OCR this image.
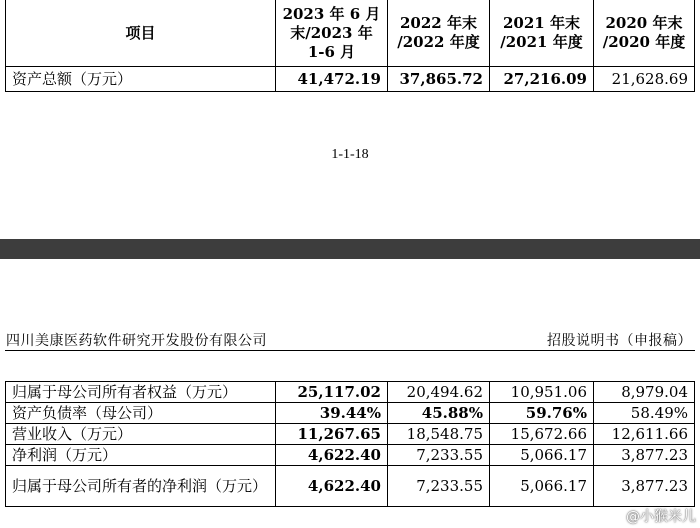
项目	2023 年 6 月末/2023 年 1-6 月	2022 年末 /2022 年度	2021 年末 /2021 年度	2020 年末 /2020 年度
资产总额（万元）	41,472.19	37,865.72	27,216.09	21,628.69
1-1-18
四川美康医药软件研究开发股份有限公司	招股说明书（申报稿）
归属于母公司所有者权益（万元）	25,117.02	20,494.62	10,951.06	8,979.04
资产负债率（母公司）	39.44%	45.88%	59.76%	58.49%
营业收入（万元）	11,267.65	18,548.75	15,672.66	12,611.66
净利润（万元）	4,622.40	7,233.55	5,066.17	3,877.23
归属于母公司所有者的净利润（万元）	4,622.40	7,233.55	5,066.17	3,877.23
@小猴米儿
